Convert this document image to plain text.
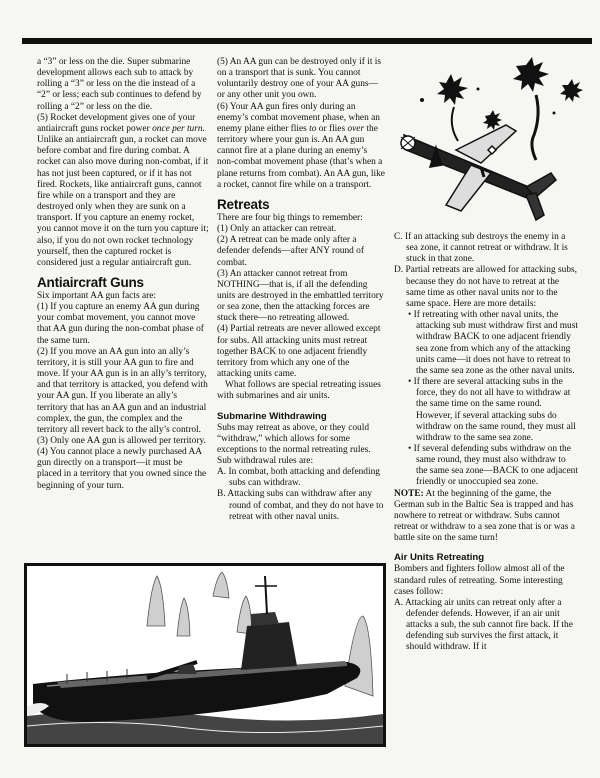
a “3” or less on the die. Super submarine development allows each sub to attack by rolling a “3” or less on the die instead of a “2” or less; each sub continues to defend by rolling a “2” or less on the die.

(5) Rocket development gives one of your antiaircraft guns rocket power once per turn. Unlike an antiaircraft gun, a rocket can move before combat and fire during combat. A rocket can also move during non-combat, if it has not just been captured, or if it has not fired. Rockets, like antiaircraft guns, cannot fire while on a transport and they are destroyed only when they are sunk on a transport. If you capture an enemy rocket, you cannot move it on the turn you capture it; also, if you do not own rocket technology yourself, then the captured rocket is considered just a regular antiaircraft gun.

Antiaircraft Guns

Six important AA gun facts are:

(1) If you capture an enemy AA gun during your combat movement, you cannot move that AA gun during the non-combat phase of the same turn.

(2) If you move an AA gun into an ally’s territory, it is still your AA gun to fire and move. If your AA gun is in an ally’s territory, and that territory is attacked, you defend with your AA gun. If you liberate an ally’s territory that has an AA gun and an industrial complex, the gun, the complex and the territory all revert back to the ally’s control.

(3) Only one AA gun is allowed per territory.

(4) You cannot place a newly purchased AA gun directly on a transport—it must be placed in a territory that you owned since the beginning of your turn.

(5) An AA gun can be destroyed only if it is on a transport that is sunk. You cannot voluntarily destroy one of your AA guns—or any other unit you own.

(6) Your AA gun fires only during an enemy’s combat movement phase, when an enemy plane either flies to or flies over the territory where your gun is. An AA gun cannot fire at a plane during an enemy’s non-combat movement phase (that’s when a plane returns from combat). An AA gun, like a rocket, cannot fire while on a transport.

Retreats

There are four big things to remember:

(1) Only an attacker can retreat.

(2) A retreat can be made only after a defender defends—after ANY round of combat.

(3) An attacker cannot retreat from NOTHING—that is, if all the defending units are destroyed in the embattled territory or sea zone, then the attacking forces are stuck there—no retreating allowed.

(4) Partial retreats are never allowed except for subs. All attacking units must retreat together BACK to one adjacent friendly territory from which any one of the attacking units came.

What follows are special retreating issues with submarines and air units.

Submarine Withdrawing

Subs may retreat as above, or they could “withdraw,” which allows for some exceptions to the normal retreating rules. Sub withdrawal rules are:

A. In combat, both attacking and defending subs can withdraw.

B. Attacking subs can withdraw after any round of combat, and they do not have to retreat with other naval units.

C. If an attacking sub destroys the enemy in a sea zone, it cannot retreat or withdraw. It is stuck in that zone.

D. Partial retreats are allowed for attacking subs, because they do not have to retreat at the same time as other naval units nor to the same space. Here are more details:

• If retreating with other naval units, the attacking sub must withdraw first and must withdraw BACK to one adjacent friendly sea zone from which any of the attacking units came—it does not have to retreat to the same sea zone as the other naval units.

• If there are several attacking subs in the force, they do not all have to withdraw at the same time on the same round. However, if several attacking subs do withdraw on the same round, they must all withdraw to the same sea zone.

• If several defending subs withdraw on the same round, they must also withdraw to the same sea zone—BACK to one adjacent friendly or unoccupied sea zone.

NOTE: At the beginning of the game, the German sub in the Baltic Sea is trapped and has nowhere to retreat or withdraw. Subs cannot retreat or withdraw to a sea zone that is or was a battle site on the same turn!

Air Units Retreating

Bombers and fighters follow almost all of the standard rules of retreating. Some interesting cases follow:

A. Attacking air units can retreat only after a defender defends. However, if an air unit attacks a sub, the sub cannot fire back. If the defending sub survives the first attack, it should withdraw. If it
